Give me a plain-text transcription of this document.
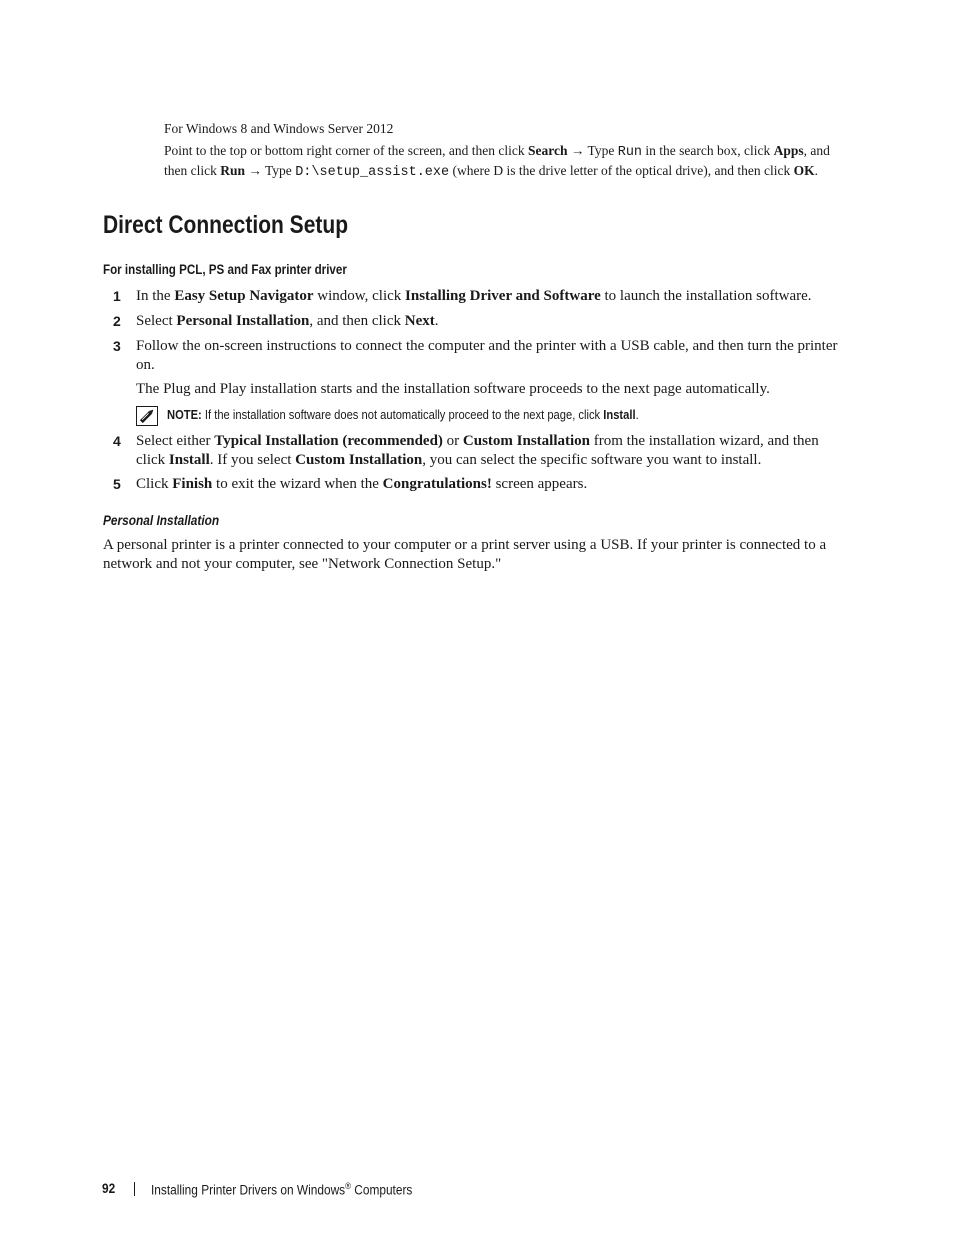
For Windows 8 and Windows Server 2012
Point to the top or bottom right corner of the screen, and then click Search → Type Run in the search box, click Apps, and then click Run → Type D:\setup_assist.exe (where D is the drive letter of the optical drive), and then click OK.
Direct Connection Setup
For installing PCL, PS and Fax printer driver
1 In the Easy Setup Navigator window, click Installing Driver and Software to launch the installation software.
2 Select Personal Installation, and then click Next.
3 Follow the on-screen instructions to connect the computer and the printer with a USB cable, and then turn the printer on.
The Plug and Play installation starts and the installation software proceeds to the next page automatically.
NOTE: If the installation software does not automatically proceed to the next page, click Install.
4 Select either Typical Installation (recommended) or Custom Installation from the installation wizard, and then click Install. If you select Custom Installation, you can select the specific software you want to install.
5 Click Finish to exit the wizard when the Congratulations! screen appears.
Personal Installation
A personal printer is a printer connected to your computer or a print server using a USB. If your printer is connected to a network and not your computer, see "Network Connection Setup."
92	Installing Printer Drivers on Windows® Computers
